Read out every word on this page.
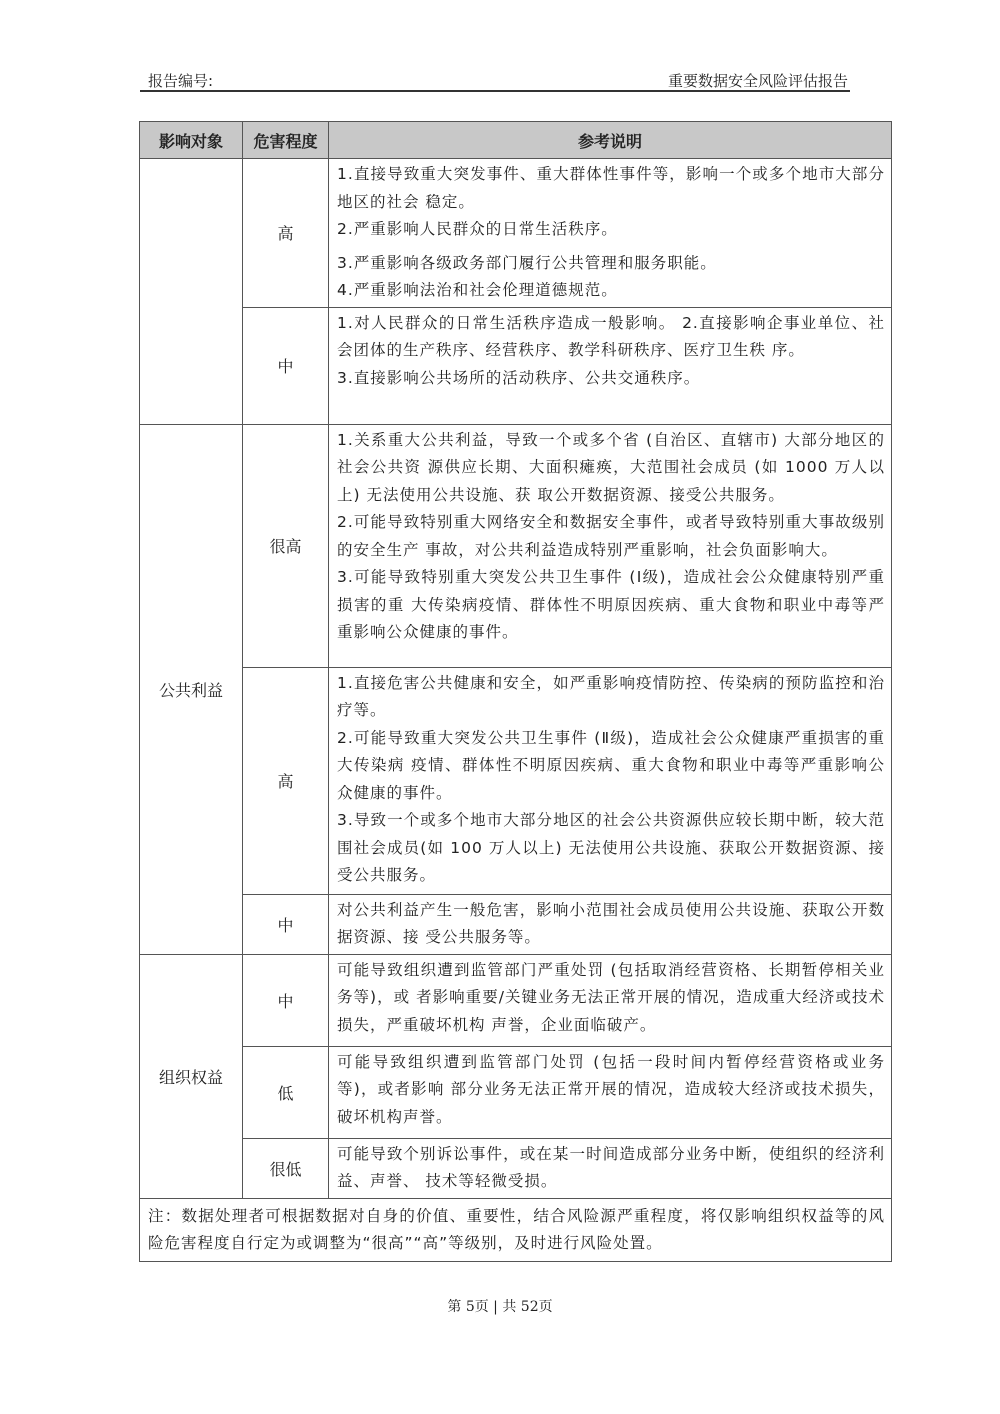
报告编号:	重要数据安全风险评估报告
影响对象	危害程度	参考说明
	高	1.直接导致重大突发事件、重大群体性事件等，影响一个或多个地市大部分地区的社会 稳定。
2.严重影响人民群众的日常生活秩序。
3.严重影响各级政务部门履行公共管理和服务职能。
4.严重影响法治和社会伦理道德规范。

	中	1.对人民群众的日常生活秩序造成一般影响。 2.直接影响企事业单位、社会团体的生产秩序、经营秩序、教学科研秩序、医疗卫生秩 序。
3.直接影响公共场所的活动秩序、公共交通秩序。

公共利益	很高	1.关系重大公共利益，导致一个或多个省 (自治区、直辖市) 大部分地区的社会公共资 源供应长期、大面积瘫痪，大范围社会成员 (如 1000 万人以上) 无法使用公共设施、获 取公开数据资源、接受公共服务。
2.可能导致特别重大网络安全和数据安全事件，或者导致特别重大事故级别的安全生产 事故，对公共利益造成特别严重影响，社会负面影响大。
3.可能导致特别重大突发公共卫生事件 (Ⅰ级)，造成社会公众健康特别严重损害的重 大传染病疫情、群体性不明原因疾病、重大食物和职业中毒等严重影响公众健康的事件。

	高	1.直接危害公共健康和安全，如严重影响疫情防控、传染病的预防监控和治疗等。
2.可能导致重大突发公共卫生事件 (Ⅱ级)，造成社会公众健康严重损害的重大传染病 疫情、群体性不明原因疾病、重大食物和职业中毒等严重影响公众健康的事件。
3.导致一个或多个地市大部分地区的社会公共资源供应较长期中断，较大范围社会成员(如 100 万人以上) 无法使用公共设施、获取公开数据资源、接受公共服务。

	中	对公共利益产生一般危害，影响小范围社会成员使用公共设施、获取公开数据资源、接 受公共服务等。

组织权益	中	可能导致组织遭到监管部门严重处罚 (包括取消经营资格、长期暂停相关业务等)，或 者影响重要/关键业务无法正常开展的情况，造成重大经济或技术损失，严重破坏机构 声誉，企业面临破产。

	低	可能导致组织遭到监管部门处罚 (包括一段时间内暂停经营资格或业务等)，或者影响 部分业务无法正常开展的情况，造成较大经济或技术损失，破坏机构声誉。

	很低	可能导致个别诉讼事件，或在某一时间造成部分业务中断，使组织的经济利益、声誉、 技术等轻微受损。

注：数据处理者可根据数据对自身的价值、重要性，结合风险源严重程度，将仅影响组织权益等的风险危害程度自行定为或调整为“很高”“高”等级别，及时进行风险处置。		
第 5页 | 共 52页
